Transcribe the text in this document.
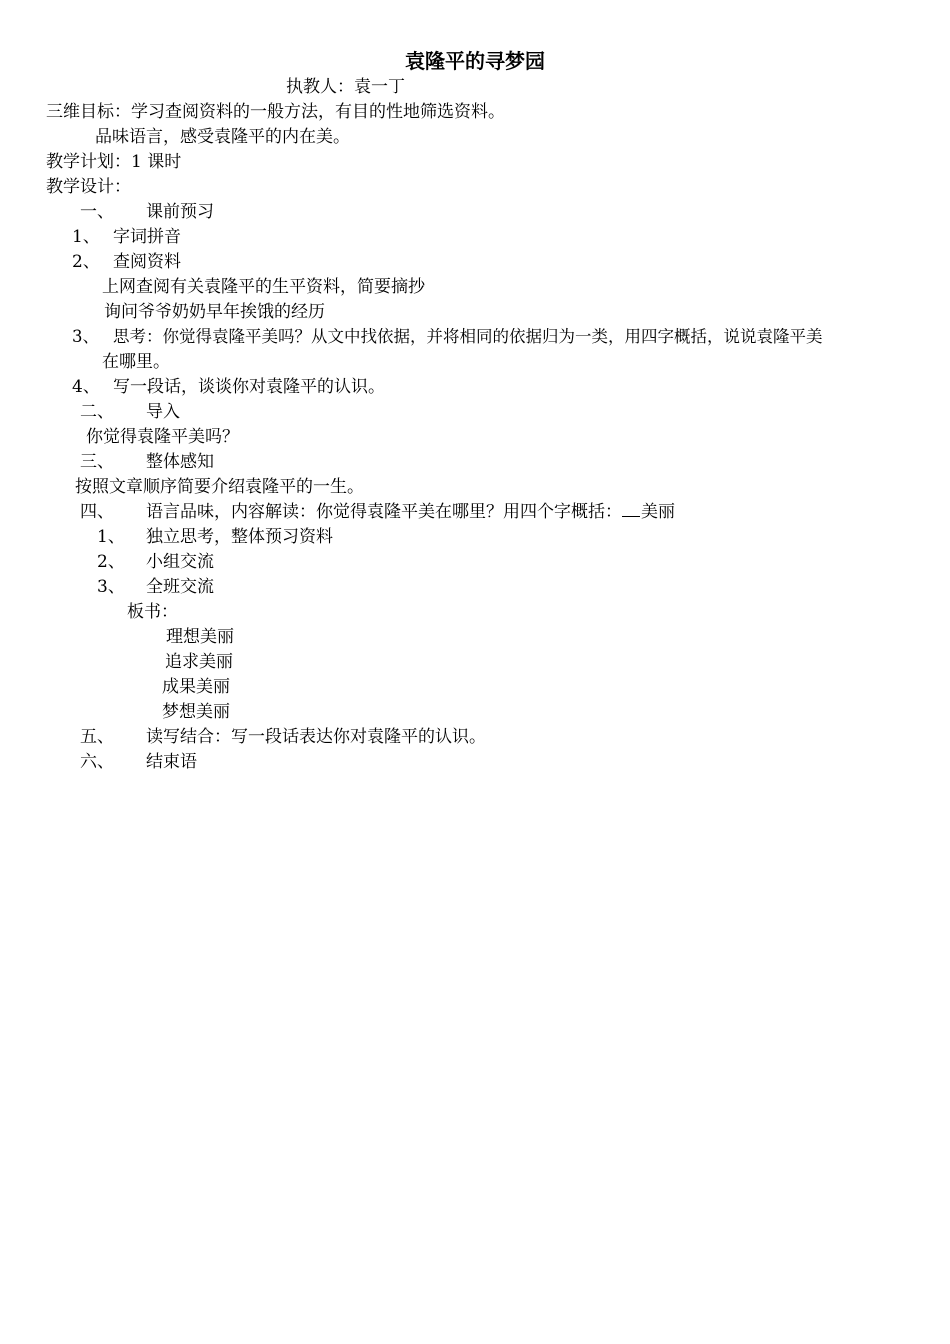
袁隆平的寻梦园
执教人：袁一丁
三维目标：学习查阅资料的一般方法，有目的性地筛选资料。
品味语言，感受袁隆平的内在美。
教学计划：1 课时
教学设计：
一、 课前预习
1、 字词拼音
2、 查阅资料
上网查阅有关袁隆平的生平资料，简要摘抄
询问爷爷奶奶早年挨饿的经历
3、 思考：你觉得袁隆平美吗？从文中找依据，并将相同的依据归为一类，用四字概括，说说袁隆平美
在哪里。
4、 写一段话，谈谈你对袁隆平的认识。
二、 导入
你觉得袁隆平美吗？
三、 整体感知
按照文章顺序简要介绍袁隆平的一生。
四、 语言品味，内容解读：你觉得袁隆平美在哪里？用四个字概括： 美丽
1、 独立思考，整体预习资料
2、 小组交流
3、 全班交流
板书：
理想美丽
追求美丽
成果美丽
梦想美丽
五、 读写结合：写一段话表达你对袁隆平的认识。
六、 结束语
